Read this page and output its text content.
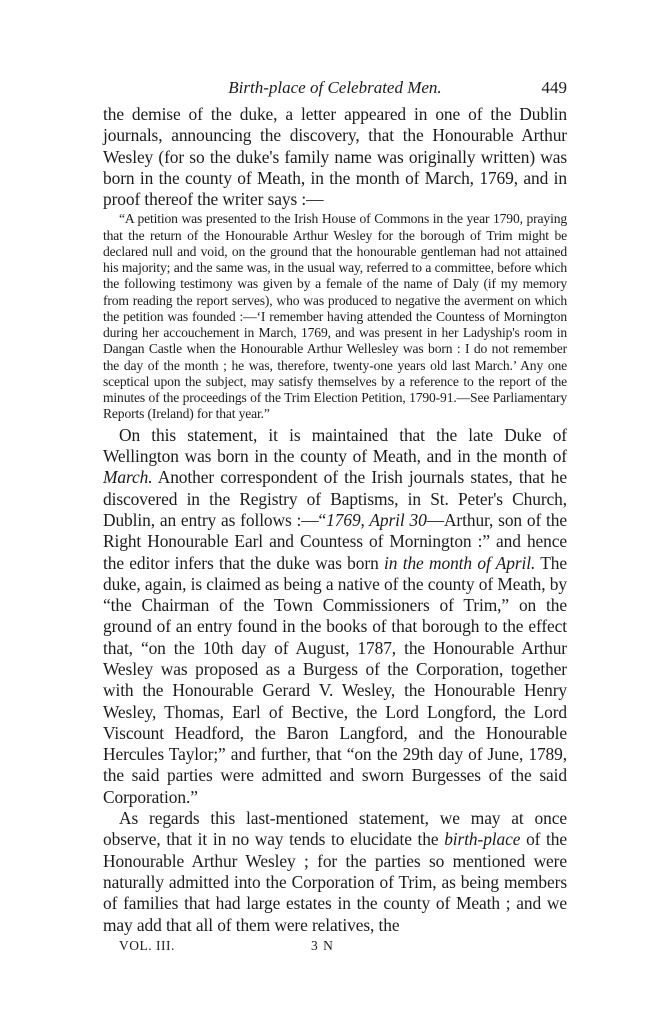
Birth-place of Celebrated Men.	449

the demise of the duke, a letter appeared in one of the Dublin journals, announcing the discovery, that the Honourable Arthur Wesley (for so the duke's family name was originally written) was born in the county of Meath, in the month of March, 1769, and in proof thereof the writer says :—

“A petition was presented to the Irish House of Commons in the year 1790, praying that the return of the Honourable Arthur Wesley for the borough of Trim might be declared null and void, on the ground that the honourable gentleman had not attained his majority; and the same was, in the usual way, referred to a committee, before which the following testimony was given by a female of the name of Daly (if my memory from reading the report serves), who was produced to negative the averment on which the petition was founded :—‘I remember having attended the Countess of Mornington during her accouchement in March, 1769, and was present in her Ladyship's room in Dangan Castle when the Honourable Arthur Wellesley was born : I do not remember the day of the month ; he was, therefore, twenty-one years old last March.’ Any one sceptical upon the subject, may satisfy themselves by a reference to the report of the minutes of the proceedings of the Trim Election Petition, 1790-91.—See Parliamentary Reports (Ireland) for that year.”

On this statement, it is maintained that the late Duke of Wellington was born in the county of Meath, and in the month of March. Another correspondent of the Irish journals states, that he discovered in the Registry of Baptisms, in St. Peter's Church, Dublin, an entry as follows :—“1769, April 30—Arthur, son of the Right Honourable Earl and Countess of Mornington :” and hence the editor infers that the duke was born in the month of April. The duke, again, is claimed as being a native of the county of Meath, by “the Chairman of the Town Commissioners of Trim,” on the ground of an entry found in the books of that borough to the effect that, “on the 10th day of August, 1787, the Honourable Arthur Wesley was proposed as a Burgess of the Corporation, together with the Honourable Gerard V. Wesley, the Honourable Henry Wesley, Thomas, Earl of Bective, the Lord Longford, the Lord Viscount Headford, the Baron Langford, and the Honourable Hercules Taylor;” and further, that “on the 29th day of June, 1789, the said parties were admitted and sworn Burgesses of the said Corporation.”

As regards this last-mentioned statement, we may at once observe, that it in no way tends to elucidate the birth-place of the Honourable Arthur Wesley ; for the parties so mentioned were naturally admitted into the Corporation of Trim, as being members of families that had large estates in the county of Meath ; and we may add that all of them were relatives, the

VOL. III.	3 N
